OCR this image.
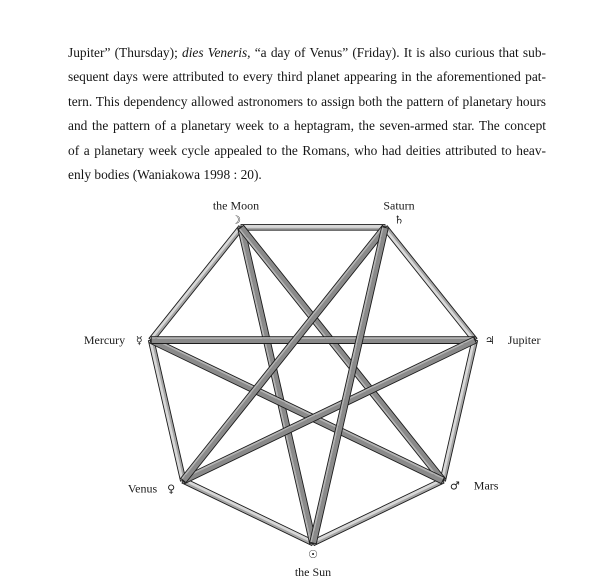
Jupiter” (Thursday); dies Veneris, “a day of Venus” (Friday). It is also curious that sub-
sequent days were attributed to every third planet appearing in the aforementioned pat-
tern. This dependency allowed astronomers to assign both the pattern of planetary hours
and the pattern of a planetary week to a heptagram, the seven-armed star. The concept
of a planetary week cycle appealed to the Romans, who had deities attributed to heav-
enly bodies (Waniakowa 1998 : 20).
the Moon
☽
Saturn
♄
Mercury ☿	♃ Jupiter
Venus ♀	♂ Mars
☉
the Sun
